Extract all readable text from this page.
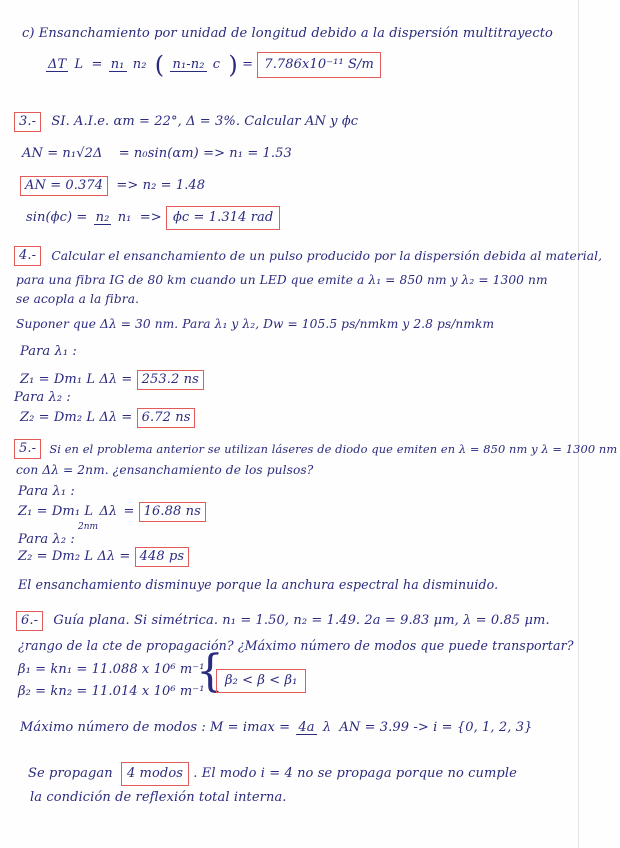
c) Ensanchamiento por unidad de longitud debido a la dispersión multitrayecto
ΔT L = n₁ n₂ ( n₁-n₂ c ) = 7.786x10⁻¹¹ S/m
3.- SI. A.I.e. αm = 22°, Δ = 3%. Calcular AN y ϕc
AN = n₁√2Δ = n₀sin(αm) => n₁ = 1.53
AN = 0.374 => n₂ = 1.48
sin(ϕc) = n₂ n₁ => ϕc = 1.314 rad
4.- Calcular el ensanchamiento de un pulso producido por la dispersión debida al material,
para una fibra IG de 80 km cuando un LED que emite a λ₁ = 850 nm y λ₂ = 1300 nm
se acopla a la fibra.
Suponer que Δλ = 30 nm. Para λ₁ y λ₂, Dw = 105.5 ps/nmkm y 2.8 ps/nmkm
Para λ₁ :
Z₁ = Dm₁ L Δλ = 253.2 ns
Para λ₂ :
Z₂ = Dm₂ L Δλ = 6.72 ns
5.- Si en el problema anterior se utilizan láseres de diodo que emiten en λ = 850 nm y λ = 1300 nm
con Δλ = 2nm. ¿ensanchamiento de los pulsos?
Para λ₁ :
Z₁ = Dm₁ L Δλ = 16.88 ns
2nm
Para λ₂ :
Z₂ = Dm₂ L Δλ = 448 ps
El ensanchamiento disminuye porque la anchura espectral ha disminuido.
6.- Guía plana. Si simétrica. n₁ = 1.50, n₂ = 1.49. 2a = 9.83 μm, λ = 0.85 μm.
¿rango de la cte de propagación? ¿Máximo número de modos que puede transportar?
β₁ = kn₁ = 11.088 x 10⁶ m⁻¹
β₂ = kn₂ = 11.014 x 10⁶ m⁻¹
{ β₂ < β < β₁
Máximo número de modos : M = imax = 4a λ AN = 3.99 -> i = {0, 1, 2, 3}
Se propagan 4 modos . El modo i = 4 no se propaga porque no cumple
la condición de reflexión total interna.
